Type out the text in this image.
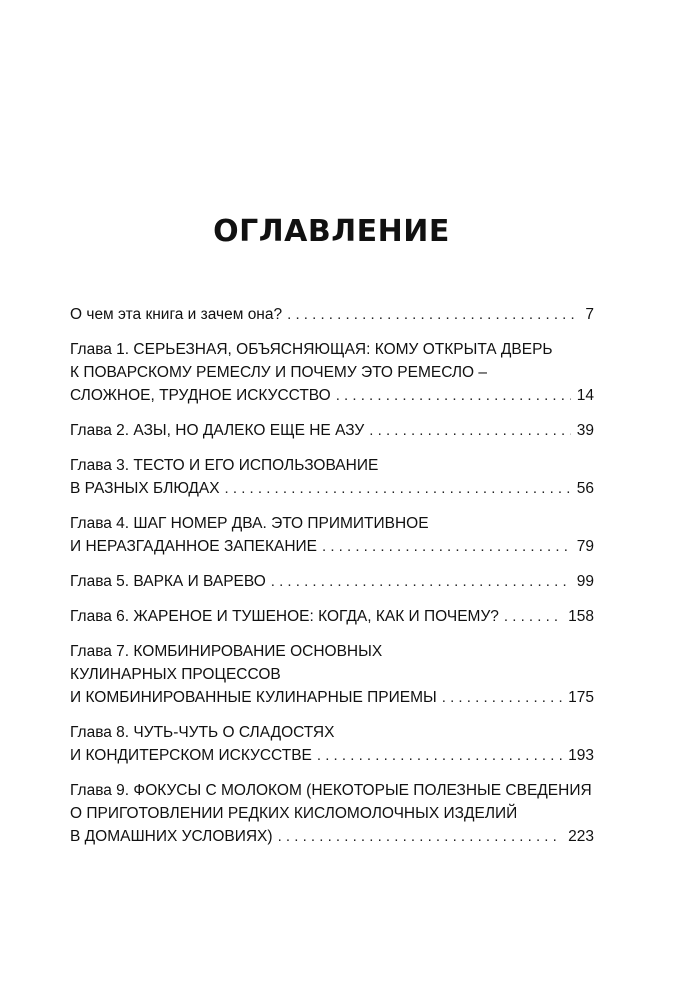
ОГЛАВЛЕНИЕ
О чем эта книга и зачем она? . . .	7
Глава 1. СЕРЬЕЗНАЯ, ОБЪЯСНЯЮЩАЯ: КОМУ ОТКРЫТА ДВЕРЬ
К ПОВАРСКОМУ РЕМЕСЛУ И ПОЧЕМУ ЭТО РЕМЕСЛО –
СЛОЖНОЕ, ТРУДНОЕ ИСКУССТВО . . .	14
Глава 2. АЗЫ, НО ДАЛЕКО ЕЩЕ НЕ АЗУ . . .	39
Глава 3. ТЕСТО И ЕГО ИСПОЛЬЗОВАНИЕ
В РАЗНЫХ БЛЮДАХ . . .	56
Глава 4. ШАГ НОМЕР ДВА. ЭТО ПРИМИТИВНОЕ
И НЕРАЗГАДАННОЕ ЗАПЕКАНИЕ . . .	79
Глава 5. ВАРКА И ВАРЕВО . . .	99
Глава 6. ЖАРЕНОЕ И ТУШЕНОЕ: КОГДА, КАК И ПОЧЕМУ? . . .	158
Глава 7. КОМБИНИРОВАНИЕ ОСНОВНЫХ
КУЛИНАРНЫХ ПРОЦЕССОВ
И КОМБИНИРОВАННЫЕ КУЛИНАРНЫЕ ПРИЕМЫ . . .	175
Глава 8. ЧУТЬ-ЧУТЬ О СЛАДОСТЯХ
И КОНДИТЕРСКОМ ИСКУССТВЕ . . .	193
Глава 9. ФОКУСЫ С МОЛОКОМ (НЕКОТОРЫЕ ПОЛЕЗНЫЕ СВЕДЕНИЯ
О ПРИГОТОВЛЕНИИ РЕДКИХ КИСЛОМОЛОЧНЫХ ИЗДЕЛИЙ
В ДОМАШНИХ УСЛОВИЯХ) . . .	223
